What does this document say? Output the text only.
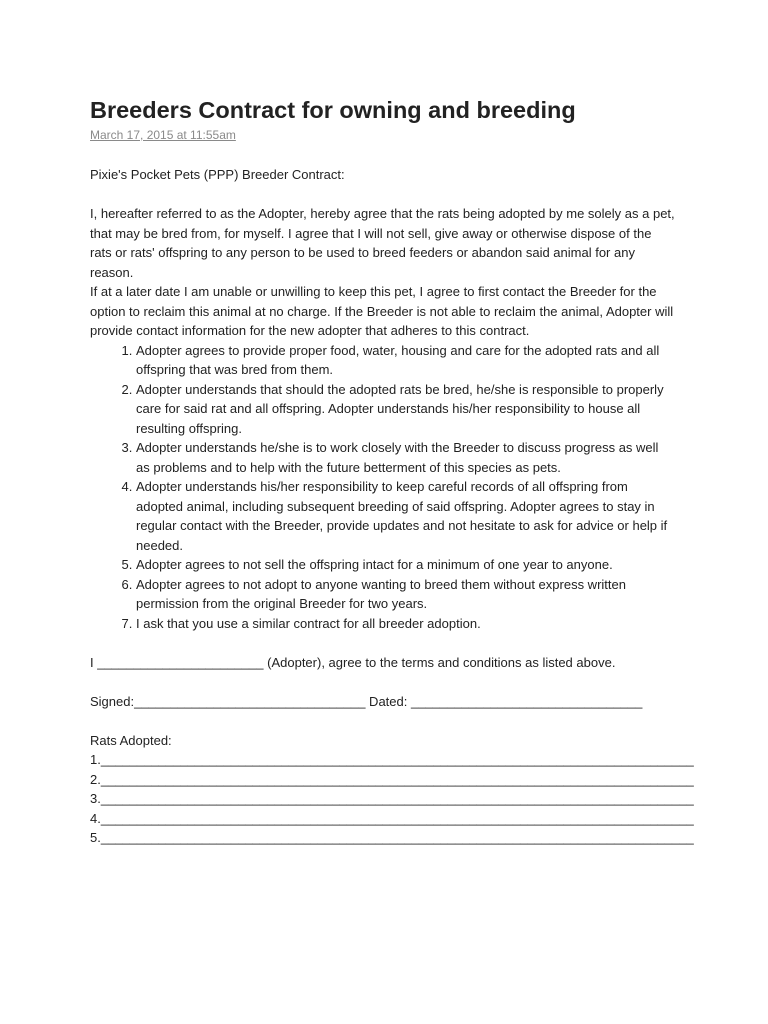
Breeders Contract for owning and breeding
March 17, 2015 at 11:55am

Pixie's Pocket Pets (PPP) Breeder Contract:

I, hereafter referred to as the Adopter, hereby agree that the rats being adopted by me solely as a pet, that may be bred from, for myself. I agree that I will not sell, give away or otherwise dispose of the rats or rats' offspring to any person to be used to breed feeders or abandon said animal for any reason.

If at a later date I am unable or unwilling to keep this pet, I agree to first contact the Breeder for the option to reclaim this animal at no charge. If the Breeder is not able to reclaim the animal, Adopter will provide contact information for the new adopter that adheres to this contract.

1. Adopter agrees to provide proper food, water, housing and care for the adopted rats and all offspring that was bred from them.
2. Adopter understands that should the adopted rats be bred, he/she is responsible to properly care for said rat and all offspring. Adopter understands his/her responsibility to house all resulting offspring.
3. Adopter understands he/she is to work closely with the Breeder to discuss progress as well as problems and to help with the future betterment of this species as pets.
4. Adopter understands his/her responsibility to keep careful records of all offspring from adopted animal, including subsequent breeding of said offspring. Adopter agrees to stay in regular contact with the Breeder, provide updates and not hesitate to ask for advice or help if needed.
5. Adopter agrees to not sell the offspring intact for a minimum of one year to anyone.
6. Adopter agrees to not adopt to anyone wanting to breed them without express written permission from the original Breeder for two years.
7. I ask that you use a similar contract for all breeder adoption.

I _______________________ (Adopter), agree to the terms and conditions as listed above.

Signed:________________________________ Dated: ________________________________

Rats Adopted:

1.__________________________________________________________________________________
2.__________________________________________________________________________________
3.__________________________________________________________________________________
4.__________________________________________________________________________________
5.__________________________________________________________________________________
